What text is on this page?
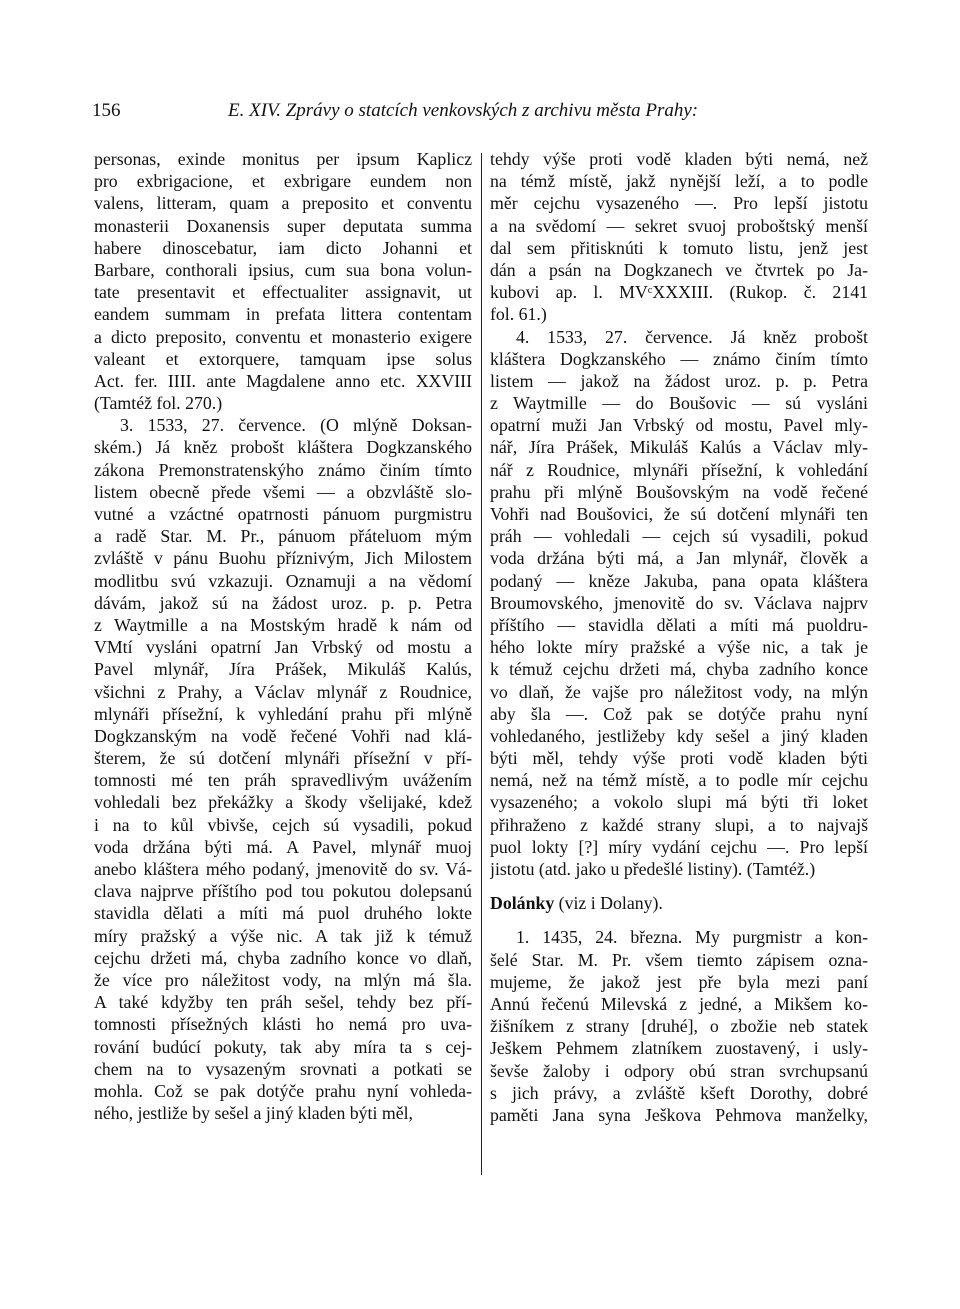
156	E. XIV. Zprávy o statcích venkovských z archivu města Prahy:
personas, exinde monitus per ipsum Kaplicz
pro exbrigacione, et exbrigare eundem non
valens, litteram, quam a preposito et conventu
monasterii Doxanensis super deputata summa
habere dinoscebatur, iam dicto Johanni et
Barbare, conthorali ipsius, cum sua bona volun-
tate presentavit et effectualiter assignavit, ut
eandem summam in prefata littera contentam
a dicto preposito, conventu et monasterio exigere
valeant et extorquere, tamquam ipse solus
Act. fer. IIII. ante Magdalene anno etc. XXVIII
(Tamtéž fol. 270.)
3. 1533, 27. července. (O mlýně Doksan-
ském.) Já kněz probošt kláštera Dogkzanského
zákona Premonstratenskýho známo činím tímto
listem obecně přede všemi — a obzvláště slo-
vutné a vzáctné opatrnosti pánuom purgmistru
a radě Star. M. Pr., pánuom přáteluom mým
zvláště v pánu Buohu příznivým, Jich Milostem
modlitbu svú vzkazuji. Oznamuji a na vědomí
dávám, jakož sú na žádost uroz. p. p. Petra
z Waytmille a na Mostským hradě k nám od
VMtí vysláni opatrní Jan Vrbský od mostu a
Pavel mlynář, Jíra Prášek, Mikuláš Kalús,
všichni z Prahy, a Václav mlynář z Roudnice,
mlynáři přísežní, k vyhledání prahu při mlýně
Dogkzanským na vodě řečené Vohři nad klá-
šterem, že sú dotčení mlynáři přísežní v pří-
tomnosti mé ten práh spravedlivým uvážením
vohledali bez překážky a škody všelijaké, kdež
i na to kůl vbivše, cejch sú vysadili, pokud
voda držána býti má. A Pavel, mlynář muoj
anebo kláštera mého podaný, jmenovitě do sv. Vá-
clava najprve příštího pod tou pokutou dolepsanú
stavidla dělati a míti má puol druhého lokte
míry pražský a výše nic. A tak již k témuž
cejchu držeti má, chyba zadního konce vo dlaň,
že více pro náležitost vody, na mlýn má šla.
A také kdyžby ten práh sešel, tehdy bez pří-
tomnosti přísežných klásti ho nemá pro uva-
rování budúcí pokuty, tak aby míra ta s cej-
chem na to vysazeným srovnati a potkati se
mohla. Což se pak dotýče prahu nyní vohleda-
ného, jestliže by sešel a jiný kladen býti měl,
tehdy výše proti vodě kladen býti nemá, než
na témž místě, jakž nynější leží, a to podle
měr cejchu vysazeného —. Pro lepší jistotu
a na svědomí — sekret svuoj proboštský menší
dal sem přitisknúti k tomuto listu, jenž jest
dán a psán na Dogkzanech ve čtvrtek po Ja-
kubovi ap. l. MVᶜXXXIII. (Rukop. č. 2141
fol. 61.)
4. 1533, 27. července. Já kněz probošt
kláštera Dogkzanského — známo činím tímto
listem — jakož na žádost uroz. p. p. Petra
z Waytmille — do Boušovic — sú vysláni
opatrní muži Jan Vrbský od mostu, Pavel mly-
nář, Jíra Prášek, Mikuláš Kalús a Václav mly-
nář z Roudnice, mlynáři přísežní, k vohledání
prahu při mlýně Boušovským na vodě řečené
Vohři nad Boušovici, že sú dotčení mlynáři ten
práh — vohledali — cejch sú vysadili, pokud
voda držána býti má, a Jan mlynář, člověk a
podaný — kněze Jakuba, pana opata kláštera
Broumovského, jmenovitě do sv. Václava najprv
příštího — stavidla dělati a míti má puoldru-
hého lokte míry pražské a výše nic, a tak je
k témuž cejchu držeti má, chyba zadního konce
vo dlaň, že vajše pro náležitost vody, na mlýn
aby šla —. Což pak se dotýče prahu nyní
vohledaného, jestližeby kdy sešel a jiný kladen
býti měl, tehdy výše proti vodě kladen býti
nemá, než na témž místě, a to podle mír cejchu
vysazeného; a vokolo slupi má býti tři loket
přihraženo z každé strany slupi, a to najvajš
puol lokty [?] míry vydání cejchu —. Pro lepší
jistotu (atd. jako u předešlé listiny). (Tamtéž.)
Dolánky (viz i Dolany).
1. 1435, 24. března. My purgmistr a kon-
šelé Star. M. Pr. všem tiemto zápisem ozna-
mujeme, že jakož jest pře byla mezi paní
Annú řečenú Milevská z jedné, a Mikšem ko-
žišníkem z strany [druhé], o zbožie neb statek
Ješkem Pehmem zlatníkem zuostavený, i usly-
ševše žaloby i odpory obú stran svrchupsanú
s jich právy, a zvláště kšeft Dorothy, dobré
paměti Jana syna Ješkova Pehmova manželky,
